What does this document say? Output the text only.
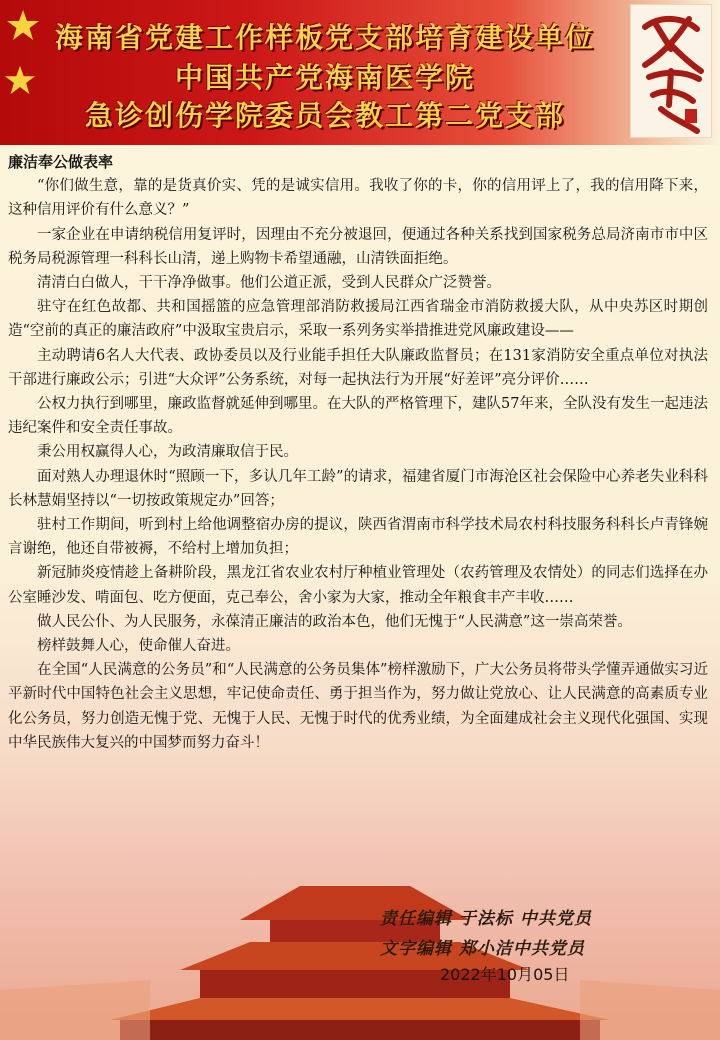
海南省党建工作样板党支部培育建设单位
中国共产党海南医学院
急诊创伤学院委员会教工第二党支部

廉洁奉公做表率

“你们做生意，靠的是货真价实、凭的是诚实信用。我收了你的卡，你的信用评上了，我的信用降下来，这种信用评价有什么意义？”

一家企业在申请纳税信用复评时，因理由不充分被退回，便通过各种关系找到国家税务总局济南市市中区税务局税源管理一科科长山清，递上购物卡希望通融，山清铁面拒绝。

清清白白做人，干干净净做事。他们公道正派，受到人民群众广泛赞誉。

驻守在红色故都、共和国摇篮的应急管理部消防救援局江西省瑞金市消防救援大队，从中央苏区时期创造“空前的真正的廉洁政府”中汲取宝贵启示，采取一系列务实举措推进党风廉政建设——

主动聘请6名人大代表、政协委员以及行业能手担任大队廉政监督员；在131家消防安全重点单位对执法干部进行廉政公示；引进“大众评”公务系统，对每一起执法行为开展“好差评”亮分评价……

公权力执行到哪里，廉政监督就延伸到哪里。在大队的严格管理下，建队57年来，全队没有发生一起违法违纪案件和安全责任事故。

秉公用权赢得人心，为政清廉取信于民。

面对熟人办理退休时“照顾一下，多认几年工龄”的请求，福建省厦门市海沧区社会保险中心养老失业科科长林慧娟坚持以“一切按政策规定办”回答；

驻村工作期间，听到村上给他调整宿办房的提议，陕西省渭南市科学技术局农村科技服务科科长卢青锋婉言谢绝，他还自带被褥，不给村上增加负担；

新冠肺炎疫情趁上备耕阶段，黑龙江省农业农村厅种植业管理处（农药管理及农情处）的同志们选择在办公室睡沙发、啃面包、吃方便面，克己奉公，舍小家为大家，推动全年粮食丰产丰收……

做人民公仆、为人民服务，永葆清正廉洁的政治本色，他们无愧于“人民满意”这一崇高荣誉。

榜样鼓舞人心，使命催人奋进。

在全国“人民满意的公务员”和“人民满意的公务员集体”榜样激励下，广大公务员将带头学懂弄通做实习近平新时代中国特色社会主义思想，牢记使命责任、勇于担当作为，努力做让党放心、让人民满意的高素质专业化公务员，努力创造无愧于党、无愧于人民、无愧于时代的优秀业绩，为全面建成社会主义现代化强国、实现中华民族伟大复兴的中国梦而努力奋斗！

责任编辑 于法标 中共党员
文字编辑 郑小洁中共党员
2022年10月05日
